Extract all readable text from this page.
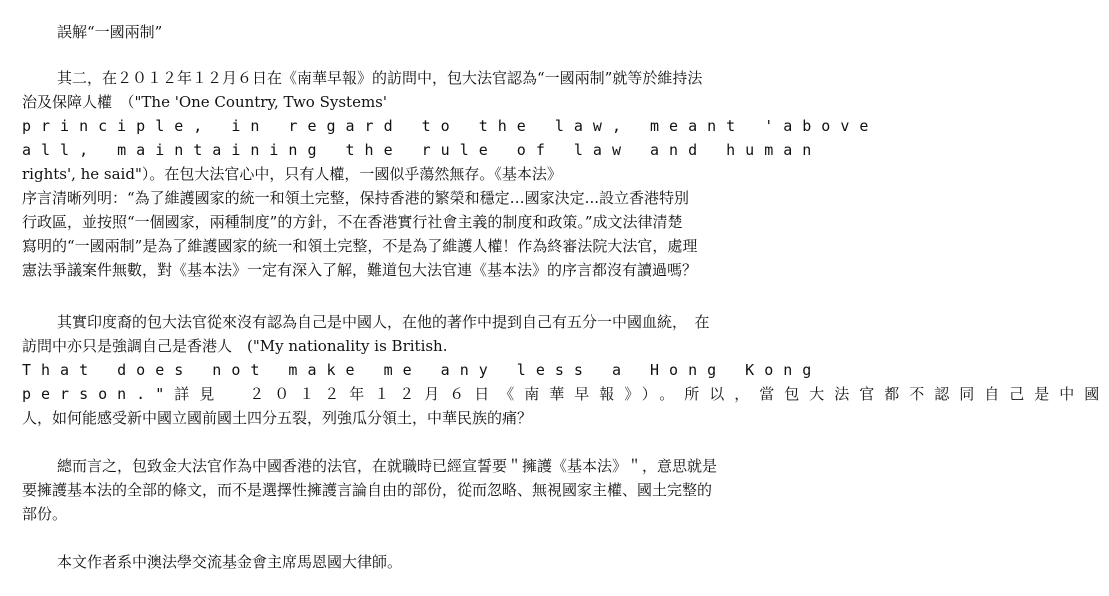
誤解“一國兩制”
其二，在２０１２年１２月６日在《南華早報》的訪問中，包大法官認為“一國兩制”就等於維持法
治及保障人權　（"The 'One Country, Two Systems'
principle, in regard to the law, meant 'above
all, maintaining the rule of law and human
rights', he said"）。在包大法官心中，只有人權，一國似乎蕩然無存。《基本法》
序言清晰列明：“為了維護國家的統一和領土完整，保持香港的繁榮和穩定…國家決定...設立香港特別
行政區，並按照“一個國家，兩種制度”的方針，不在香港實行社會主義的制度和政策。”成文法律清楚
寫明的“一國兩制”是為了維護國家的統一和領土完整，不是為了維護人權！作為終審法院大法官，處理
憲法爭議案件無數，對《基本法》一定有深入了解，難道包大法官連《基本法》的序言都沒有讀過嗎？
其實印度裔的包大法官從來沒有認為自己是中國人，在他的著作中提到自己有五分一中國血統，　在
訪問中亦只是強調自己是香港人　("My nationality is British.
That does not make me any less a Hong Kong
person."詳見　２０１２年１２月６日《南華早報》）。所以，當包大法官都不認同自己是中國
人，如何能感受新中國立國前國土四分五裂，列強瓜分領土，中華民族的痛？
總而言之，包致金大法官作為中國香港的法官，在就職時已經宣誓要＂擁護《基本法》＂，意思就是
要擁護基本法的全部的條文，而不是選擇性擁護言論自由的部份，從而忽略、無視國家主權、國土完整的
部份。
本文作者系中澳法學交流基金會主席馬恩國大律師。
